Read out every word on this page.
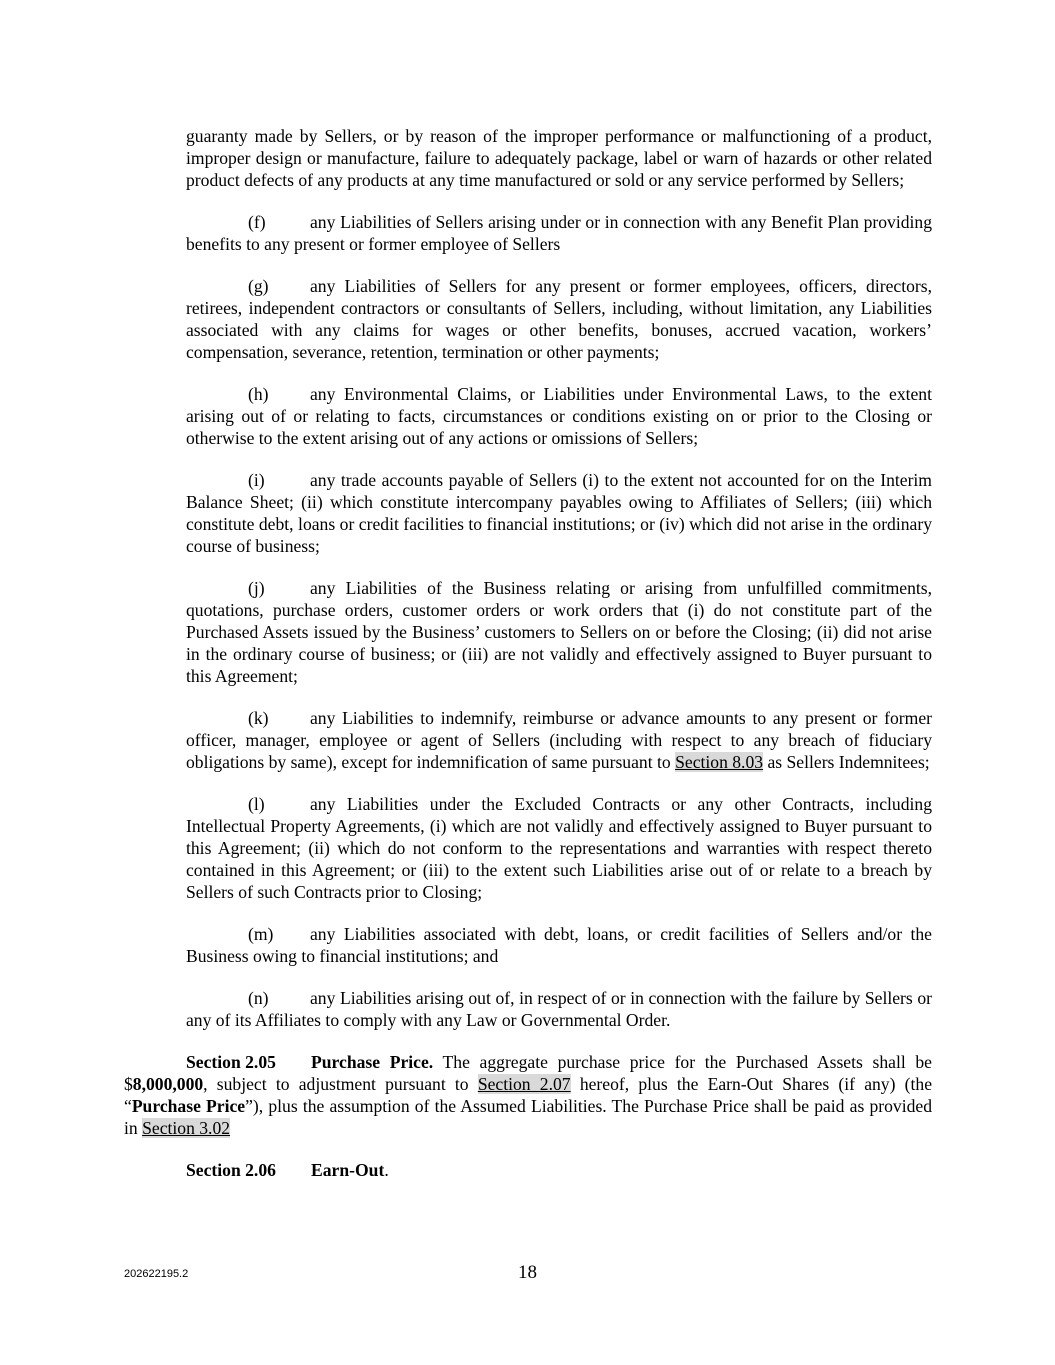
guaranty made by Sellers, or by reason of the improper performance or malfunctioning of a product, improper design or manufacture, failure to adequately package, label or warn of hazards or other related product defects of any products at any time manufactured or sold or any service performed by Sellers;

(f)	any Liabilities of Sellers arising under or in connection with any Benefit Plan providing benefits to any present or former employee of Sellers

(g) any Liabilities of Sellers for any present or former employees, officers, directors, retirees, independent contractors or consultants of Sellers, including, without limitation, any Liabilities associated with any claims for wages or other benefits, bonuses, accrued vacation, workers’ compensation, severance, retention, termination or other payments;

(h) any Environmental Claims, or Liabilities under Environmental Laws, to the extent arising out of or relating to facts, circumstances or conditions existing on or prior to the Closing or otherwise to the extent arising out of any actions or omissions of Sellers;

(i)	any trade accounts payable of Sellers (i) to the extent not accounted for on the Interim Balance Sheet; (ii) which constitute intercompany payables owing to Affiliates of Sellers; (iii) which constitute debt, loans or credit facilities to financial institutions; or (iv) which did not arise in the ordinary course of business;

(j)	any Liabilities of the Business relating or arising from unfulfilled commitments, quotations, purchase orders, customer orders or work orders that (i) do not constitute part of the Purchased Assets issued by the Business’ customers to Sellers on or before the Closing; (ii) did not arise in the ordinary course of business; or (iii) are not validly and effectively assigned to Buyer pursuant to this Agreement;

(k) any Liabilities to indemnify, reimburse or advance amounts to any present or former officer, manager, employee or agent of Sellers (including with respect to any breach of fiduciary obligations by same), except for indemnification of same pursuant to Section 8.03 as Sellers Indemnitees;

(l)	any Liabilities under the Excluded Contracts or any other Contracts, including Intellectual Property Agreements, (i) which are not validly and effectively assigned to Buyer pursuant to this Agreement; (ii) which do not conform to the representations and warranties with respect thereto contained in this Agreement; or (iii) to the extent such Liabilities arise out of or relate to a breach by Sellers of such Contracts prior to Closing;

(m) any Liabilities associated with debt, loans, or credit facilities of Sellers and/or the Business owing to financial institutions; and

(n) any Liabilities arising out of, in respect of or in connection with the failure by Sellers or any of its Affiliates to comply with any Law or Governmental Order.

Section 2.05 Purchase Price. The aggregate purchase price for the Purchased Assets shall be $8,000,000, subject to adjustment pursuant to Section 2.07 hereof, plus the Earn-Out Shares (if any) (the “Purchase Price”), plus the assumption of the Assumed Liabilities. The Purchase Price shall be paid as provided in Section 3.02

Section 2.06 Earn-Out.

202622195.2	18
